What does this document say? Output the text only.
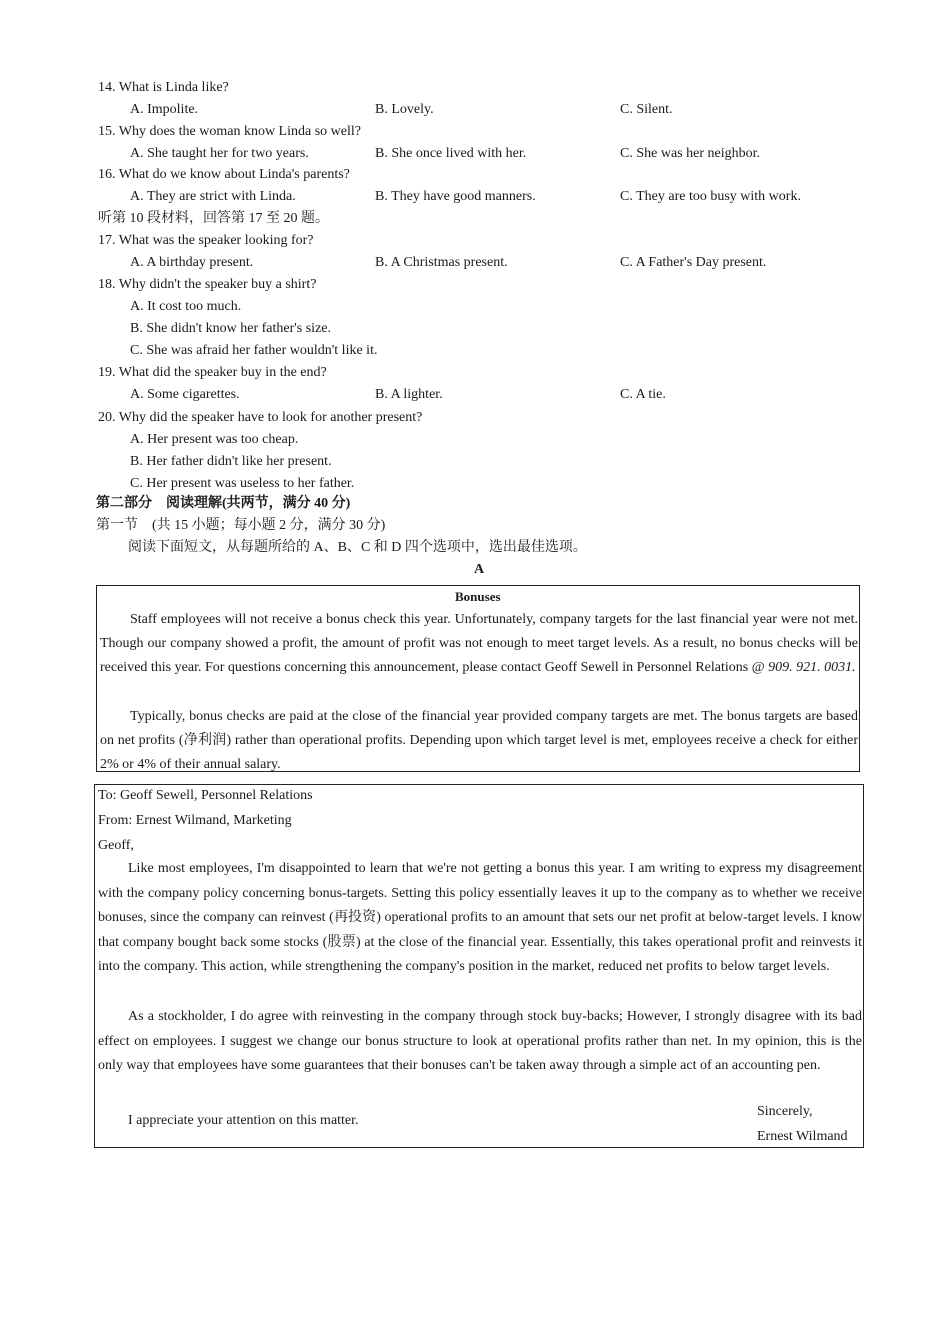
14. What is Linda like?
A. Impolite.	B. Lovely.	C. Silent.
15. Why does the woman know Linda so well?
A. She taught her for two years.	B. She once lived with her.	C. She was her neighbor.
16. What do we know about Linda's parents?
A. They are strict with Linda.	B. They have good manners.	C. They are too busy with work.
听第 10 段材料，回答第 17 至 20 题。
17. What was the speaker looking for?
A. A birthday present.	B. A Christmas present.	C. A Father's Day present.
18. Why didn't the speaker buy a shirt?
A. It cost too much.
B. She didn't know her father's size.
C. She was afraid her father wouldn't like it.
19. What did the speaker buy in the end?
A. Some cigarettes.	B. A lighter.	C. A tie.
20. Why did the speaker have to look for another present?
A. Her present was too cheap.
B. Her father didn't like her present.
C. Her present was useless to her father.
第二部分　阅读理解(共两节，满分 40 分)
第一节　(共 15 小题；每小题 2 分，满分 30 分)
阅读下面短文，从每题所给的 A、B、C 和 D 四个选项中，选出最佳选项。
A
Bonuses
Staff employees will not receive a bonus check this year. Unfortunately, company targets for the last financial year were not met. Though our company showed a profit, the amount of profit was not enough to meet target levels. As a result, no bonus checks will be received this year. For questions concerning this announcement, please contact Geoff Sewell in Personnel Relations @ 909. 921. 0031.
Typically, bonus checks are paid at the close of the financial year provided company targets are met. The bonus targets are based on net profits (净利润) rather than operational profits. Depending upon which target level is met, employees receive a check for either 2% or 4% of their annual salary.
To: Geoff Sewell, Personnel Relations
From: Ernest Wilmand, Marketing
Geoff,
Like most employees, I'm disappointed to learn that we're not getting a bonus this year. I am writing to express my disagreement with the company policy concerning bonus-targets. Setting this policy essentially leaves it up to the company as to whether we receive bonuses, since the company can reinvest (再投资) operational profits to an amount that sets our net profit at below-target levels. I know that company bought back some stocks (股票) at the close of the financial year. Essentially, this takes operational profit and reinvests it into the company. This action, while strengthening the company's position in the market, reduced net profits to below target levels.
As a stockholder, I do agree with reinvesting in the company through stock buy-backs; However, I strongly disagree with its bad effect on employees. I suggest we change our bonus structure to look at operational profits rather than net. In my opinion, this is the only way that employees have some guarantees that their bonuses can't be taken away through a simple act of an accounting pen.
I appreciate your attention on this matter.
Sincerely,
Ernest Wilmand
